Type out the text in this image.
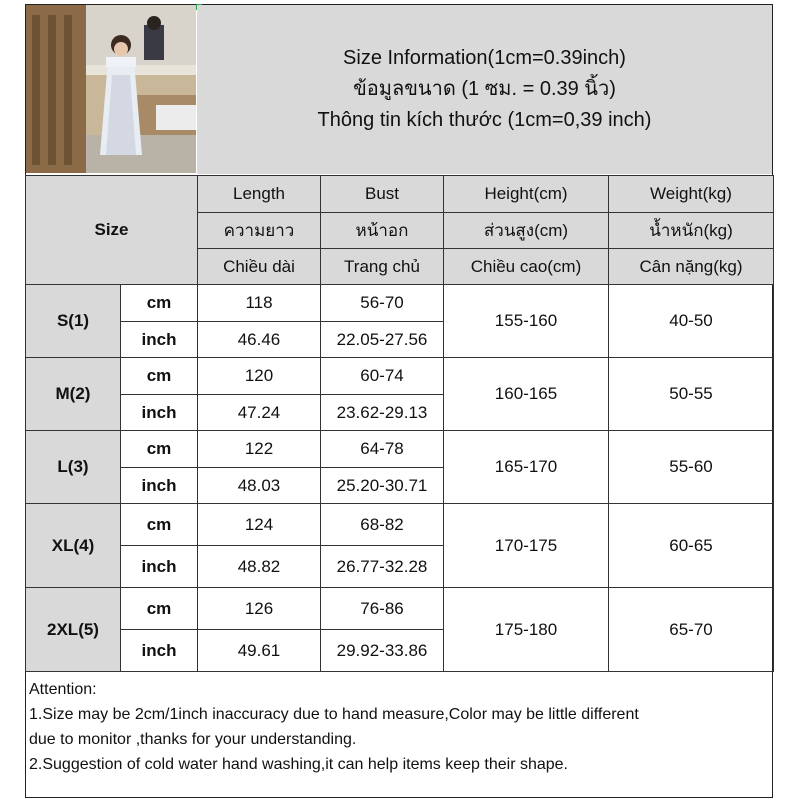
Size Information(1cm=0.39inch)
ข้อมูลขนาด (1 ซม. = 0.39 นิ้ว)
Thông tin kích thước (1cm=0,39 inch)
Size		Length	Bust	Height(cm)	Weight(kg)
		ความยาว	หน้าอก	ส่วนสูง(cm)	น้ำหนัก(kg)
		Chiều dài	Trang chủ	Chiều cao(cm)	Cân nặng(kg)
S(1)	cm	118	56-70	155-160	40-50
	inch	46.46	22.05-27.56		
M(2)	cm	120	60-74	160-165	50-55
	inch	47.24	23.62-29.13		
L(3)	cm	122	64-78	165-170	55-60
	inch	48.03	25.20-30.71		
XL(4)	cm	124	68-82	170-175	60-65
	inch	48.82	26.77-32.28		
2XL(5)	cm	126	76-86	175-180	65-70
	inch	49.61	29.92-33.86		
Attention:
1.Size may be 2cm/1inch inaccuracy due to hand measure,Color may be little different
due to monitor ,thanks for your understanding.
2.Suggestion of cold water hand washing,it can help items keep their shape.
